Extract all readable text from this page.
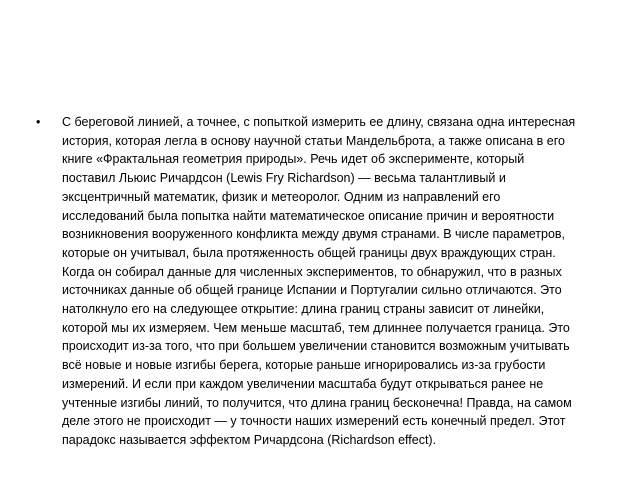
•	С береговой линией, а точнее, с попыткой измерить ее длину, связана одна интересная
история, которая легла в основу научной статьи Мандельброта, а также описана в его
книге «Фрактальная геометрия природы». Речь идет об эксперименте, который
поставил Льюис Ричардсон (Lewis Fry Richardson) — весьма талантливый и
эксцентричный математик, физик и метеоролог. Одним из направлений его
исследований была попытка найти математическое описание причин и вероятности
возникновения вооруженного конфликта между двумя странами. В числе параметров,
которые он учитывал, была протяженность общей границы двух враждующих стран.
Когда он собирал данные для численных экспериментов, то обнаружил, что в разных
источниках данные об общей границе Испании и Португалии сильно отличаются. Это
натолкнуло его на следующее открытие: длина границ страны зависит от линейки,
которой мы их измеряем. Чем меньше масштаб, тем длиннее получается граница. Это
происходит из-за того, что при большем увеличении становится возможным учитывать
всё новые и новые изгибы берега, которые раньше игнорировались из-за грубости
измерений. И если при каждом увеличении масштаба будут открываться ранее не
учтенные изгибы линий, то получится, что длина границ бесконечна! Правда, на самом
деле этого не происходит — у точности наших измерений есть конечный предел. Этот
парадокс называется эффектом Ричардсона (Richardson effect).
